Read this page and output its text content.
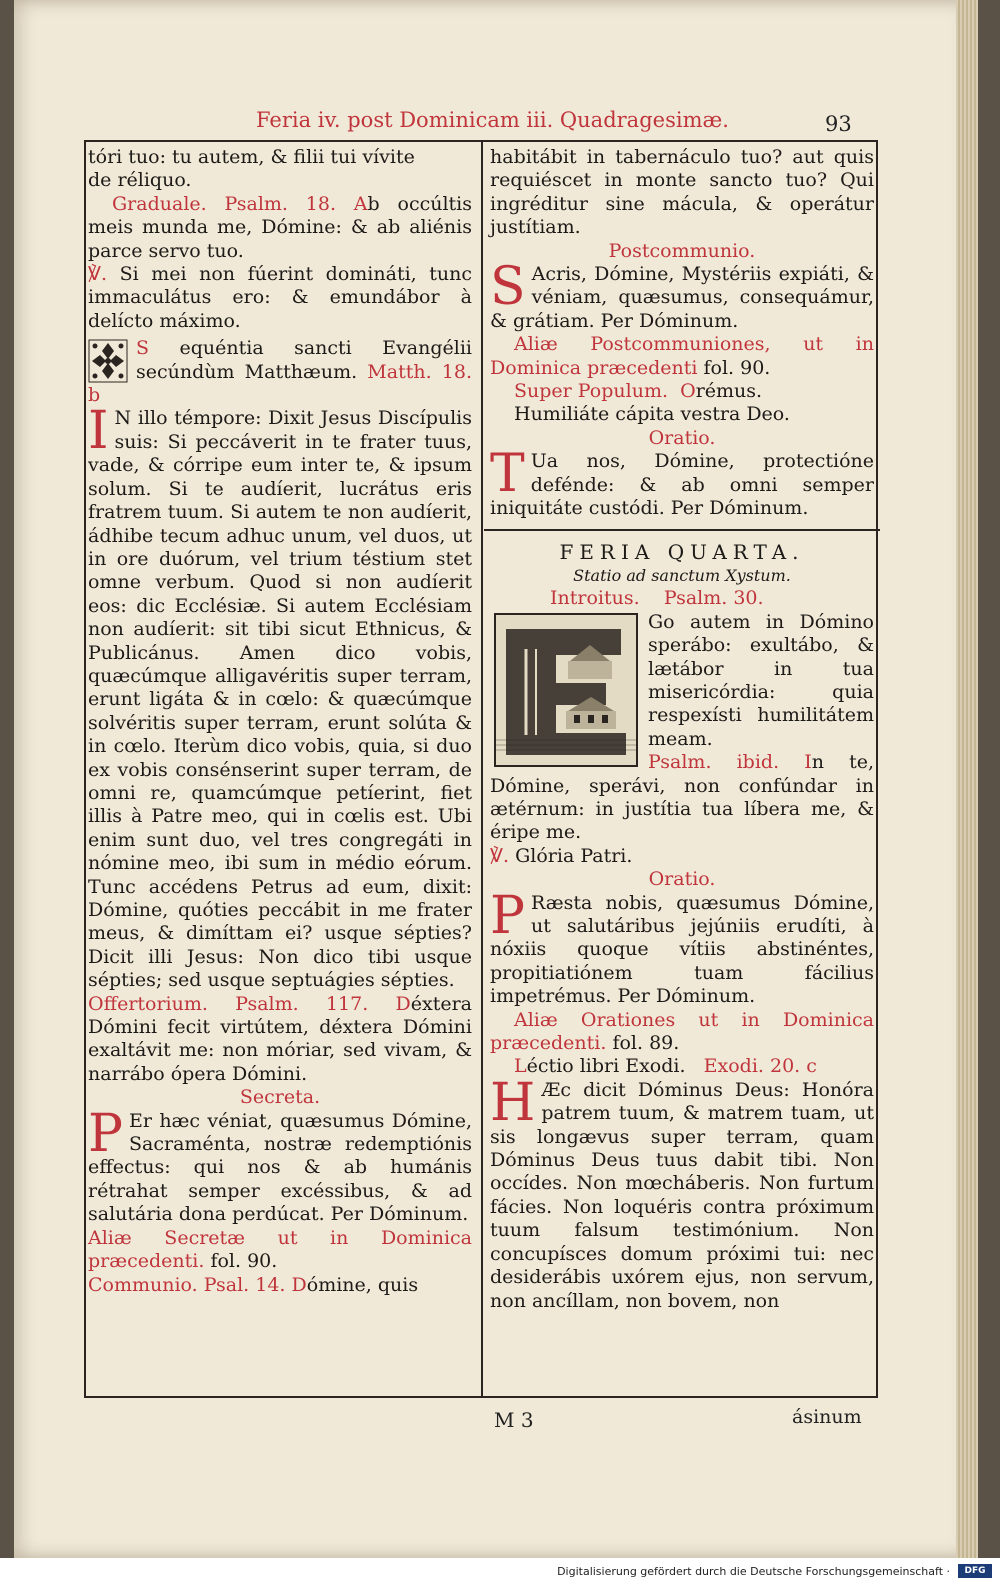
Feria iv. post Dominicam iii. Quadragesimæ.	93

tóri tuo: tu autem, & filii tui vívite

de réliquo.

Graduale. Psalm. 18. Ab occúltis meis munda me, Dómine: & ab aliénis parce servo tuo.

℣. Si mei non fúerint domináti, tunc immaculátus ero: & emundábor à delícto máximo.

S equéntia sancti Evangélii secúndùm Matthæum. Matth. 18. b

I N illo témpore: Dixit Jesus Discípulis suis: Si peccáverit in te frater tuus, vade, & córripe eum inter te, & ipsum solum. Si te audíerit, lucrátus eris fratrem tuum. Si autem te non audíerit, ádhibe tecum adhuc unum, vel duos, ut in ore duórum, vel trium téstium stet omne verbum. Quod si non audíerit eos: dic Ecclésiæ. Si autem Ecclésiam non audíerit: sit tibi sicut Ethnicus, & Publicánus. Amen dico vobis, quæcúmque alligavéritis super terram, erunt ligáta & in cœlo: & quæcúmque solvéritis super terram, erunt solúta & in cœlo. Iterùm dico vobis, quia, si duo ex vobis consénserint super terram, de omni re, quamcúmque petíerint, fiet illis à Patre meo, qui in cœlis est. Ubi enim sunt duo, vel tres congregáti in nómine meo, ibi sum in médio eórum. Tunc accédens Petrus ad eum, dixit: Dómine, quóties peccábit in me frater meus, & dimíttam ei? usque sépties? Dicit illi Jesus: Non dico tibi usque sépties; sed usque septuágies sépties.

Offertorium. Psalm. 117. Déxtera Dómini fecit virtútem, déxtera Dómini exaltávit me: non móriar, sed vivam, & narrábo ópera Dómini.

Secreta.

P Er hæc véniat, quæsumus Dómine, Sacraménta, nostræ redemptiónis effectus: qui nos & ab humánis rétrahat semper excéssibus, & ad salutária dona perdúcat. Per Dóminum.

Aliæ Secretæ ut in Dominica præcedenti. fol. 90.

Communio. Psal. 14. Dómine, quis

habitábit in tabernáculo tuo? aut quis requiéscet in monte sancto tuo? Qui ingréditur sine mácula, & operátur justítiam.

Postcommunio.

S Acris, Dómine, Mystériis expiáti, & véniam, quæsumus, consequámur, & grátiam. Per Dóminum.

Aliæ Postcommuniones, ut in Dominica præcedenti fol. 90.

Super Populum. Orémus.

Humiliáte cápita vestra Deo.

Oratio.

T Ua nos, Dómine, protectióne defénde: & ab omni semper iniquitáte custódi. Per Dóminum.

FERIA QUARTA.

Statio ad sanctum Xystum.

Introitus. Psalm. 30.

Go autem in Dómino sperábo: exultábo, & lætábor in tua misericórdia: quia respexísti humilitátem meam.

Psalm. ibid. In te, Dómine, sperávi, non confúndar in ætérnum: in justítia tua líbera me, & éripe me.

℣. Glória Patri.

Oratio.

P Ræsta nobis, quæsumus Dómine, ut salutáribus jejúniis erudíti, à nóxiis quoque vítiis abstinéntes, propitiatiónem tuam fácilius impetrémus. Per Dóminum.

Aliæ Orationes ut in Dominica præcedenti. fol. 89.

Léctio libri Exodi. Exodi. 20. c

H Æc dicit Dóminus Deus: Honóra patrem tuum, & matrem tuam, ut sis longævus super terram, quam Dóminus Deus tuus dabit tibi. Non occídes. Non mœcháberis. Non furtum fácies. Non loquéris contra próximum tuum falsum testimónium. Non concupísces domum próximi tui: nec desiderábis uxórem ejus, non servum, non ancíllam, non bovem, non

M 3	ásinum
Digitalisierung gefördert durch die Deutsche Forschungsgemeinschaft ·	DFG
